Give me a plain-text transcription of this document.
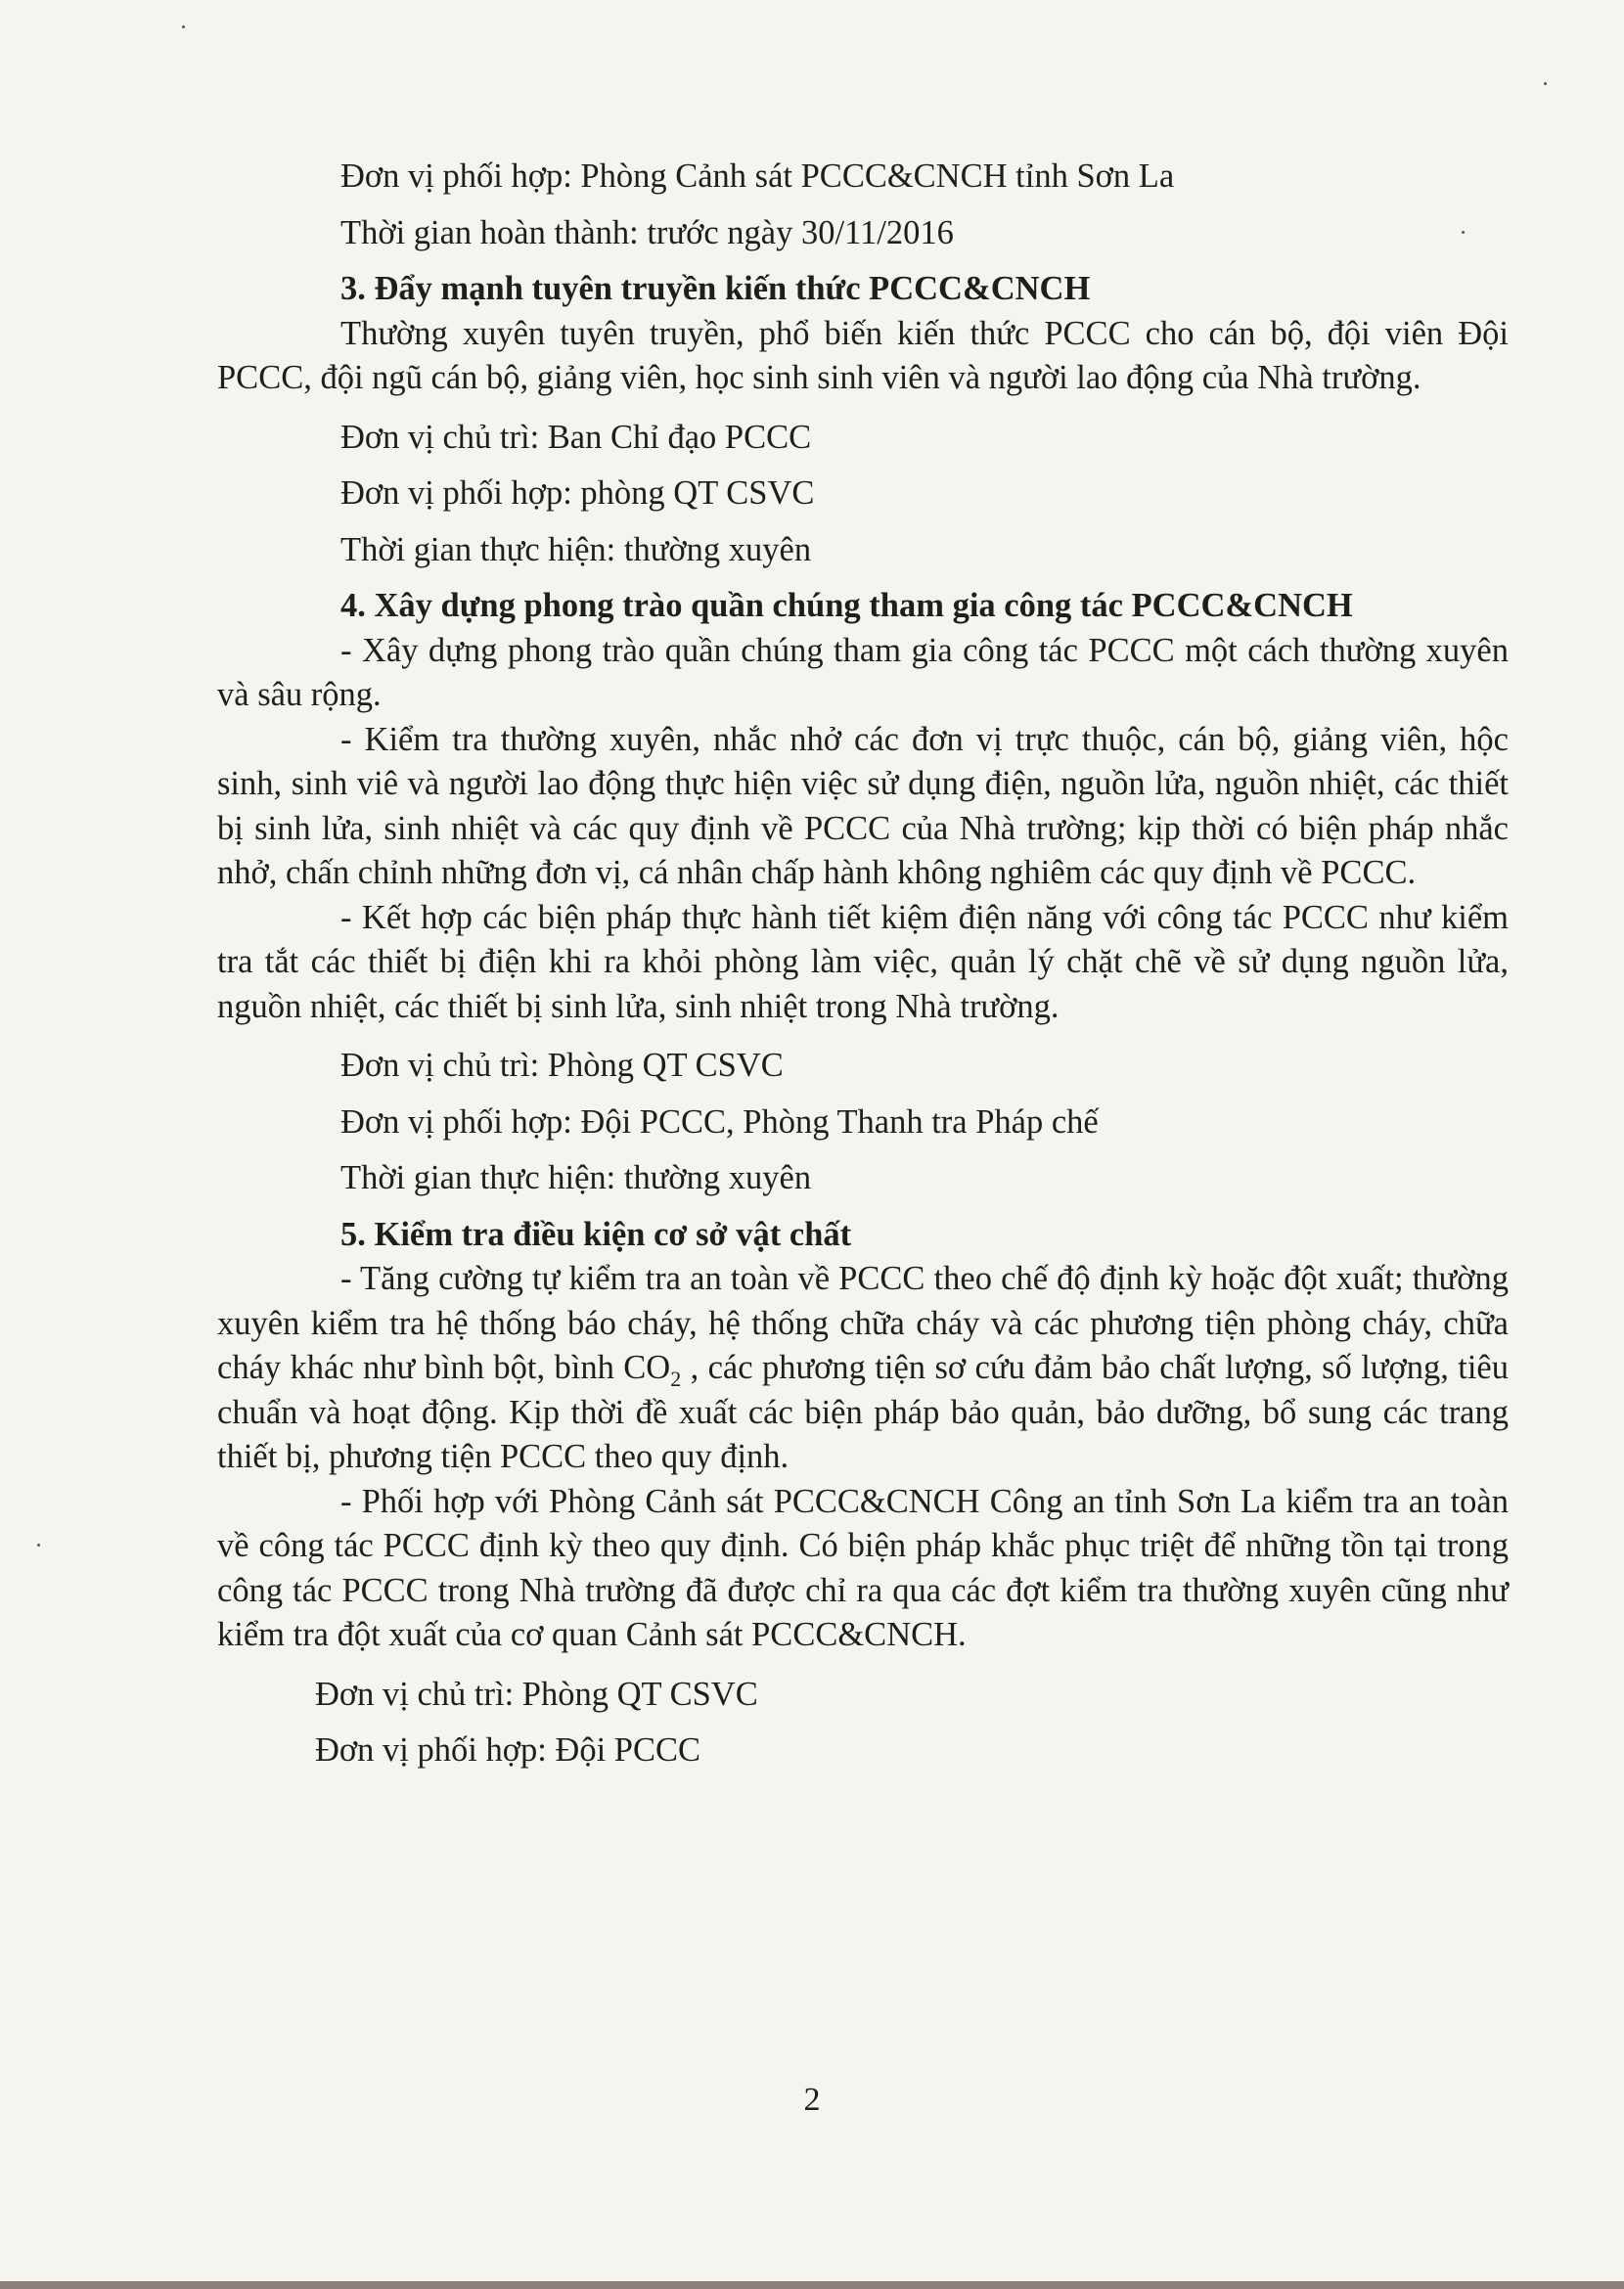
Đơn vị phối hợp: Phòng Cảnh sát PCCC&CNCH tỉnh Sơn La

Thời gian hoàn thành: trước ngày 30/11/2016

3. Đẩy mạnh tuyên truyền kiến thức PCCC&CNCH

Thường xuyên tuyên truyền, phổ biến kiến thức PCCC cho cán bộ, đội viên Đội PCCC, đội ngũ cán bộ, giảng viên, học sinh sinh viên và người lao động của Nhà trường.

Đơn vị chủ trì: Ban Chỉ đạo PCCC

Đơn vị phối hợp: phòng QT CSVC

Thời gian thực hiện: thường xuyên

4. Xây dựng phong trào quần chúng tham gia công tác PCCC&CNCH

- Xây dựng phong trào quần chúng tham gia công tác PCCC một cách thường xuyên và sâu rộng.

- Kiểm tra thường xuyên, nhắc nhở các đơn vị trực thuộc, cán bộ, giảng viên, hộc sinh, sinh viê và người lao động thực hiện việc sử dụng điện, nguồn lửa, nguồn nhiệt, các thiết bị sinh lửa, sinh nhiệt và các quy định về PCCC của Nhà trường; kịp thời có biện pháp nhắc nhở, chấn chỉnh những đơn vị, cá nhân chấp hành không nghiêm các quy định về PCCC.

- Kết hợp các biện pháp thực hành tiết kiệm điện năng với công tác PCCC như kiểm tra tắt các thiết bị điện khi ra khỏi phòng làm việc, quản lý chặt chẽ về sử dụng nguồn lửa, nguồn nhiệt, các thiết bị sinh lửa, sinh nhiệt trong Nhà trường.

Đơn vị chủ trì: Phòng QT CSVC

Đơn vị phối hợp: Đội PCCC, Phòng Thanh tra Pháp chế

Thời gian thực hiện: thường xuyên

5. Kiểm tra điều kiện cơ sở vật chất

- Tăng cường tự kiểm tra an toàn về PCCC theo chế độ định kỳ hoặc đột xuất; thường xuyên kiểm tra hệ thống báo cháy, hệ thống chữa cháy và các phương tiện phòng cháy, chữa cháy khác như bình bột, bình $CO_2$ , các phương tiện sơ cứu đảm bảo chất lượng, số lượng, tiêu chuẩn và hoạt động. Kịp thời đề xuất các biện pháp bảo quản, bảo dưỡng, bổ sung các trang thiết bị, phương tiện PCCC theo quy định.

- Phối hợp với Phòng Cảnh sát PCCC&CNCH Công an tỉnh Sơn La kiểm tra an toàn về công tác PCCC định kỳ theo quy định. Có biện pháp khắc phục triệt để những tồn tại trong công tác PCCC trong Nhà trường đã được chỉ ra qua các đợt kiểm tra thường xuyên cũng như kiểm tra đột xuất của cơ quan Cảnh sát PCCC&CNCH.

Đơn vị chủ trì: Phòng QT CSVC

Đơn vị phối hợp: Đội PCCC

2
